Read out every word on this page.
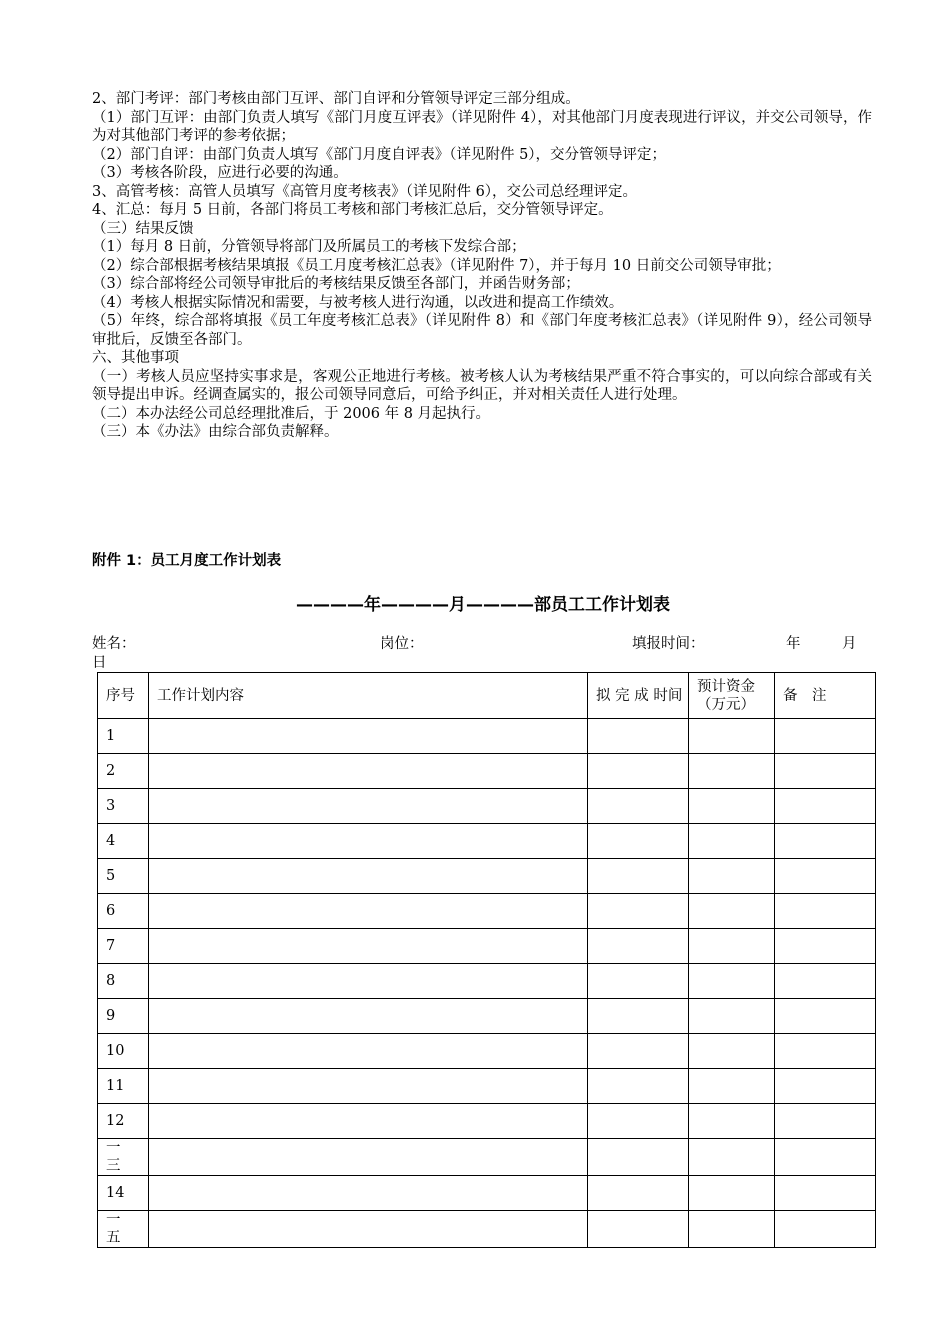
2、部门考评：部门考核由部门互评、部门自评和分管领导评定三部分组成。

（1）部门互评：由部门负责人填写《部门月度互评表》（详见附件 4），对其他部门月度表现进行评议，并交公司领导，作为对其他部门考评的参考依据；

（2）部门自评：由部门负责人填写《部门月度自评表》（详见附件 5），交分管领导评定；

（3）考核各阶段，应进行必要的沟通。

3、高管考核：高管人员填写《高管月度考核表》（详见附件 6），交公司总经理评定。

4、汇总：每月 5 日前，各部门将员工考核和部门考核汇总后，交分管领导评定。

（三）结果反馈

（1）每月 8 日前，分管领导将部门及所属员工的考核下发综合部；

（2）综合部根据考核结果填报《员工月度考核汇总表》（详见附件 7），并于每月 10 日前交公司领导审批；

（3）综合部将经公司领导审批后的考核结果反馈至各部门，并函告财务部；

（4）考核人根据实际情况和需要，与被考核人进行沟通，以改进和提高工作绩效。

（5）年终，综合部将填报《员工年度考核汇总表》（详见附件 8）和《部门年度考核汇总表》（详见附件 9），经公司领导审批后，反馈至各部门。

六、其他事项

（一）考核人员应坚持实事求是，客观公正地进行考核。被考核人认为考核结果严重不符合事实的，可以向综合部或有关领导提出申诉。经调查属实的，报公司领导同意后，可给予纠正，并对相关责任人进行处理。

（二）本办法经公司总经理批准后，于 2006 年 8 月起执行。

（三）本《办法》由综合部负责解释。

附件 1：员工月度工作计划表

————年————月————部员工工作计划表

姓名：	岗位：	填报时间：	年	月
日
序号	工作计划内容	拟 完 成 时间	预计资金（万元）	备　注
1				
2				
3				
4				
5				
6				
7				
8				
9				
10				
11				
12				
一三				
14				
一五				
